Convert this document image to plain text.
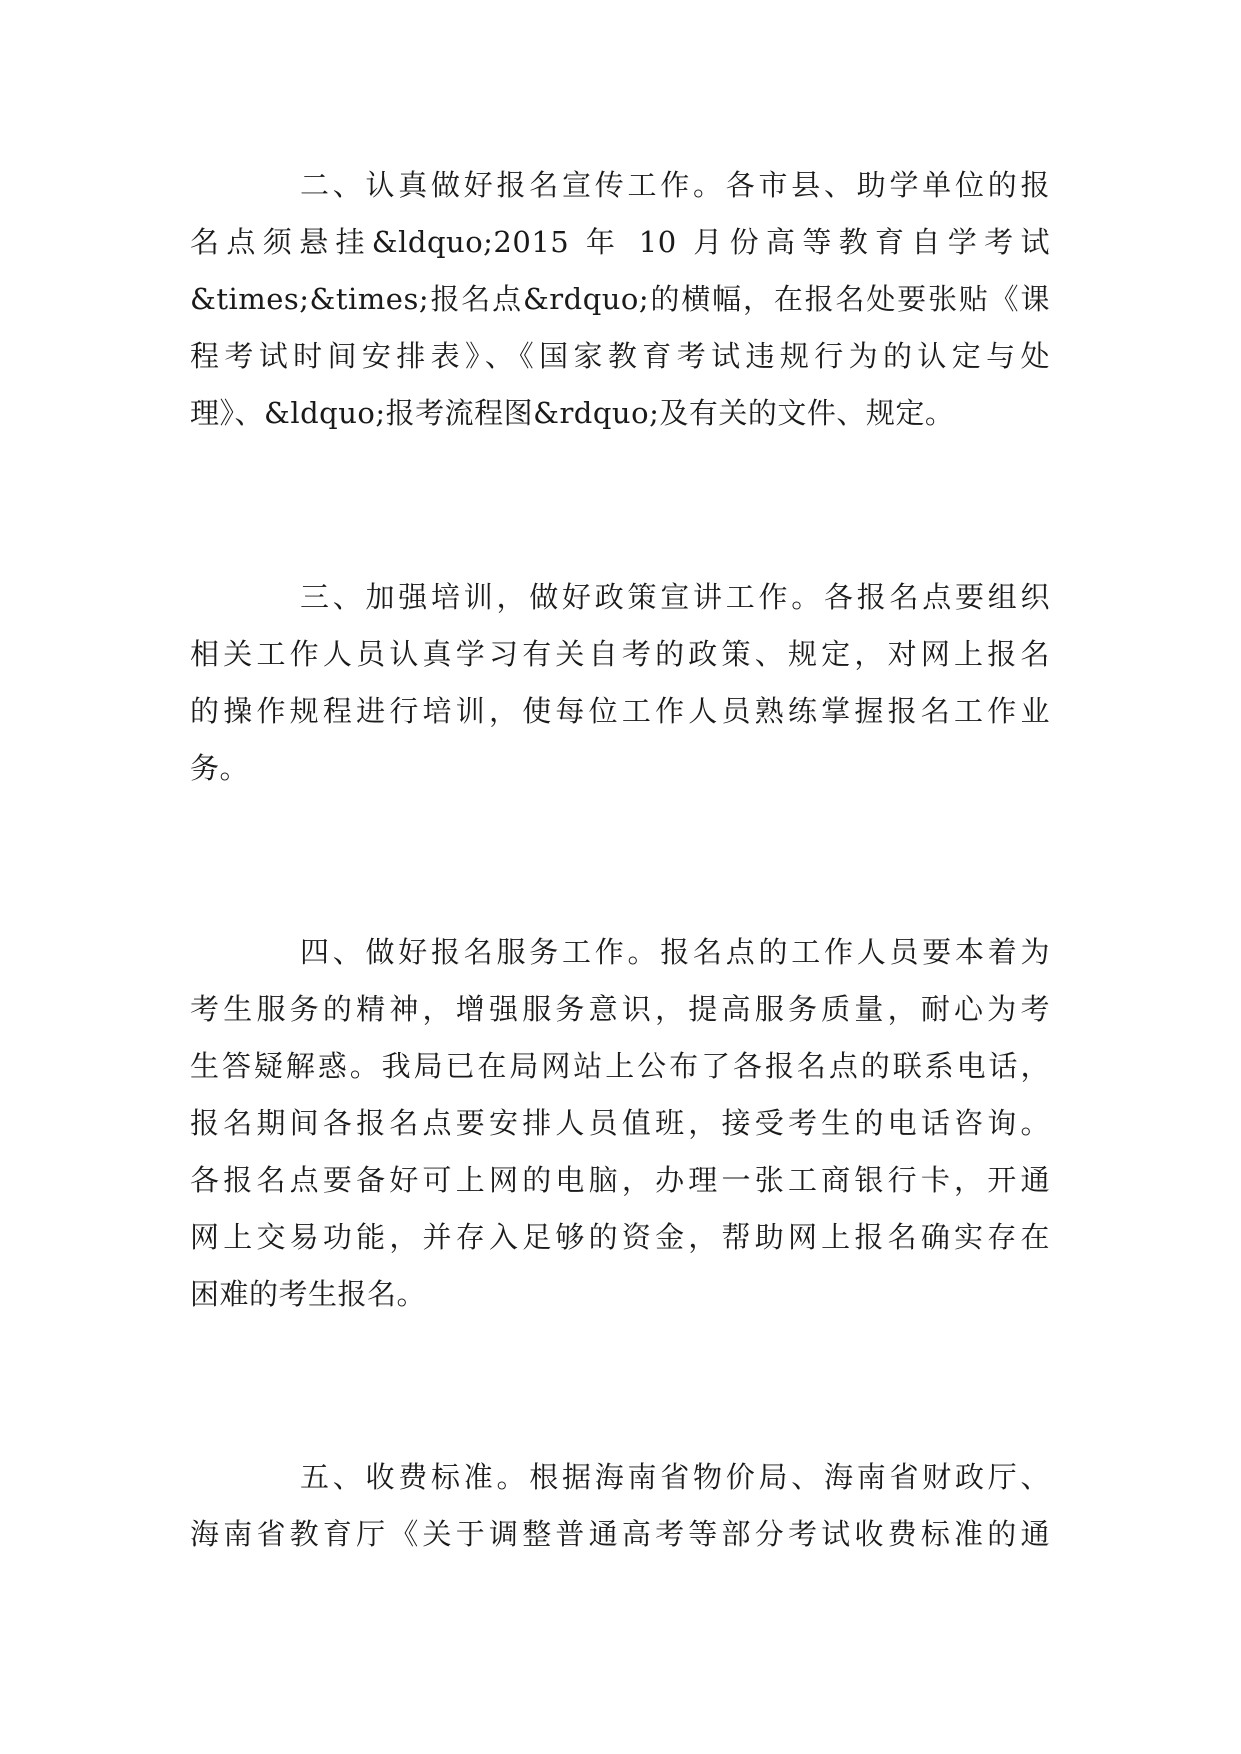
二、认真做好报名宣传工作。各市县、助学单位的报

名点须悬挂&ldquo;2015 年 10 月份高等教育自学考试

&times;&times;报名点&rdquo;的横幅，在报名处要张贴《课

程考试时间安排表》、《国家教育考试违规行为的认定与处

理》、&ldquo;报考流程图&rdquo;及有关的文件、规定。

三、加强培训，做好政策宣讲工作。各报名点要组织

相关工作人员认真学习有关自考的政策、规定，对网上报名

的操作规程进行培训，使每位工作人员熟练掌握报名工作业

务。

四、做好报名服务工作。报名点的工作人员要本着为

考生服务的精神，增强服务意识，提高服务质量，耐心为考

生答疑解惑。我局已在局网站上公布了各报名点的联系电话，

报名期间各报名点要安排人员值班，接受考生的电话咨询。

各报名点要备好可上网的电脑，办理一张工商银行卡，开通

网上交易功能，并存入足够的资金，帮助网上报名确实存在

困难的考生报名。

五、收费标准。根据海南省物价局、海南省财政厅、

海南省教育厅《关于调整普通高考等部分考试收费标准的通
